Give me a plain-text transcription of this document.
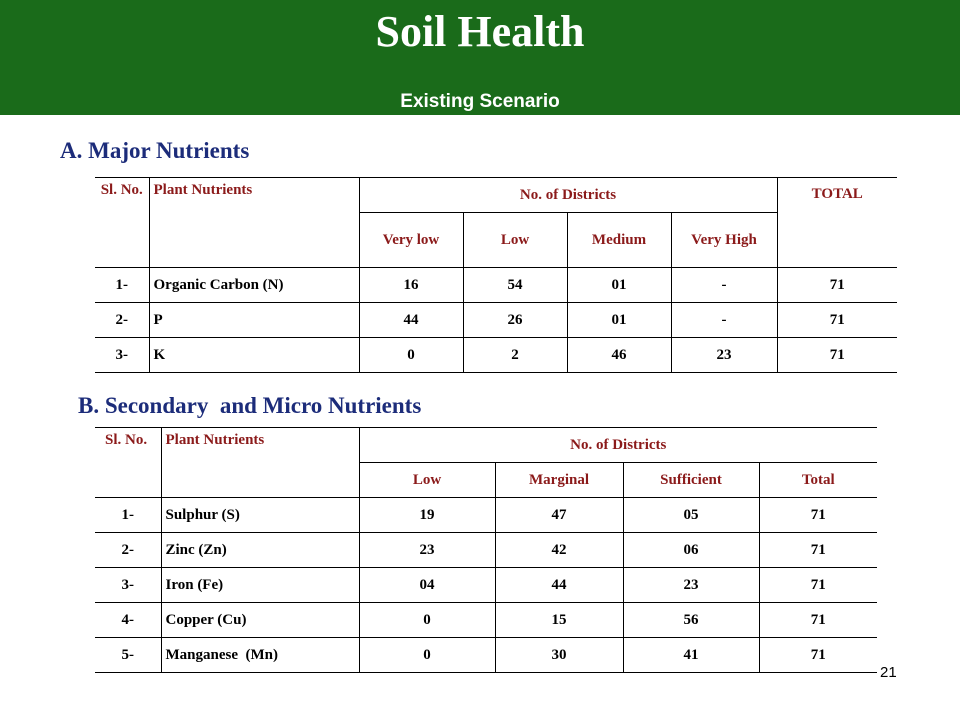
Soil Health
Existing Scenario
A. Major Nutrients
Sl. No.	Plant Nutrients	No. of Districts				TOTAL
		Very low	Low	Medium	Very High	
1-	Organic Carbon (N)	16	54	01	-	71
2-	P	44	26	01	-	71
3-	K	0	2	46	23	71
B. Secondary  and Micro Nutrients
Sl. No.	Plant Nutrients	No. of Districts			
		Low	Marginal	Sufficient	Total
1-	Sulphur (S)	19	47	05	71
2-	Zinc (Zn)	23	42	06	71
3-	Iron (Fe)	04	44	23	71
4-	Copper (Cu)	0	15	56	71
5-	Manganese  (Mn)	0	30	41	71
21
